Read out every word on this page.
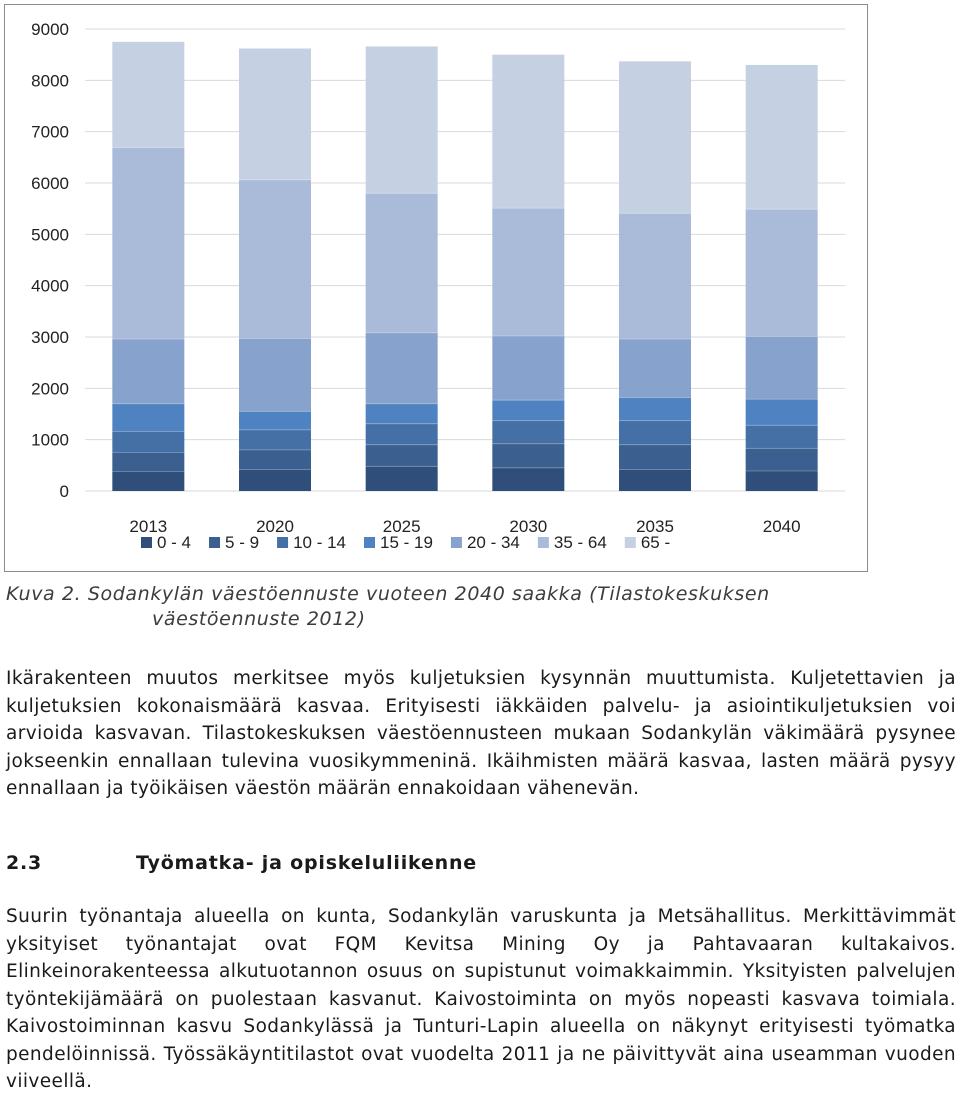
0
1000
2000
3000
4000
5000
6000
7000
8000
9000
2013	2020	2025	2030	2035	2040
0 - 4 5 - 9 10 - 14 15 - 19 20 - 34 35 - 64 65 -

Kuva 2. Sodankylän väestöennuste vuoteen 2040 saakka (Tilastokeskuksen
väestöennuste 2012)

Ikärakenteen muutos merkitsee myös kuljetuksien kysynnän muuttumista. Kuljetettavien ja kuljetuksien kokonaismäärä kasvaa. Erityisesti iäkkäiden palvelu- ja asiointikuljetuksien voi arvioida kasvavan. Tilastokeskuksen väestöennusteen mukaan Sodankylän väkimäärä pysynee jokseenkin ennallaan tulevina vuosikymmeninä. Ikäihmisten määrä kasvaa, lasten määrä pysyy ennallaan ja työikäisen väestön määrän ennakoidaan vähenevän.

2.3	Työmatka- ja opiskeluliikenne

Suurin työnantaja alueella on kunta, Sodankylän varuskunta ja Metsähallitus. Merkittävimmät yksityiset työnantajat ovat FQM Kevitsa Mining Oy ja Pahtavaaran kultakaivos. Elinkeinorakenteessa alkutuotannon osuus on supistunut voimakkaimmin. Yksityisten palvelujen työntekijämäärä on puolestaan kasvanut. Kaivostoiminta on myös nopeasti kasvava toimiala. Kaivostoiminnan kasvu Sodankylässä ja Tunturi-Lapin alueella on näkynyt erityisesti työmatka pendelöinnissä. Työssäkäyntitilastot ovat vuodelta 2011 ja ne päivittyvät aina useamman vuoden viiveellä.
